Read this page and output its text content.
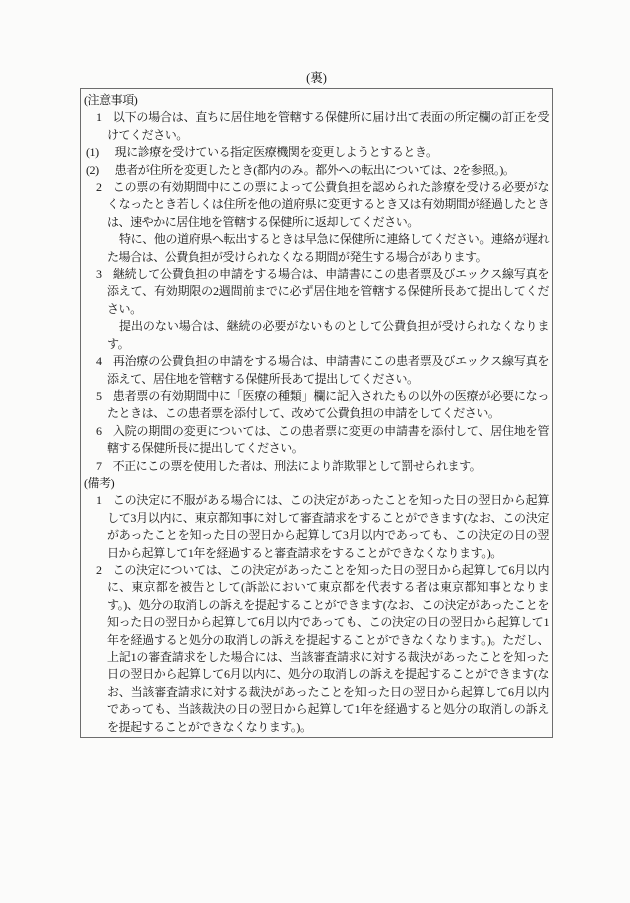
(裏)
(注意事項)
1 以下の場合は、直ちに居住地を管轄する保健所に届け出て表面の所定欄の訂正を受けてください。
(1) 現に診療を受けている指定医療機関を変更しようとするとき。
(2) 患者が住所を変更したとき(都内のみ。都外への転出については、2を参照。)。
2 この票の有効期間中にこの票によって公費負担を認められた診療を受ける必要がなくなったとき若しくは住所を他の道府県に変更するとき又は有効期間が経過したときは、速やかに居住地を管轄する保健所に返却してください。
特に、他の道府県へ転出するときは早急に保健所に連絡してください。連絡が遅れた場合は、公費負担が受けられなくなる期間が発生する場合があります。
3 継続して公費負担の申請をする場合は、申請書にこの患者票及びエックス線写真を添えて、有効期限の2週間前までに必ず居住地を管轄する保健所長あて提出してください。
提出のない場合は、継続の必要がないものとして公費負担が受けられなくなります。
4 再治療の公費負担の申請をする場合は、申請書にこの患者票及びエックス線写真を添えて、居住地を管轄する保健所長あて提出してください。
5 患者票の有効期間中に「医療の種類」欄に記入されたもの以外の医療が必要になったときは、この患者票を添付して、改めて公費負担の申請をしてください。
6 入院の期間の変更については、この患者票に変更の申請書を添付して、居住地を管轄する保健所長に提出してください。
7 不正にこの票を使用した者は、刑法により詐欺罪として罰せられます。
(備考)
1 この決定に不服がある場合には、この決定があったことを知った日の翌日から起算して3月以内に、東京都知事に対して審査請求をすることができます(なお、この決定があったことを知った日の翌日から起算して3月以内であっても、この決定の日の翌日から起算して1年を経過すると審査請求をすることができなくなります。)。
2 この決定については、この決定があったことを知った日の翌日から起算して6月以内に、東京都を被告として(訴訟において東京都を代表する者は東京都知事となります。)、処分の取消しの訴えを提起することができます(なお、この決定があったことを知った日の翌日から起算して6月以内であっても、この決定の日の翌日から起算して1年を経過すると処分の取消しの訴えを提起することができなくなります。)。ただし、上記1の審査請求をした場合には、当該審査請求に対する裁決があったことを知った日の翌日から起算して6月以内に、処分の取消しの訴えを提起することができます(なお、当該審査請求に対する裁決があったことを知った日の翌日から起算して6月以内であっても、当該裁決の日の翌日から起算して1年を経過すると処分の取消しの訴えを提起することができなくなります。)。
